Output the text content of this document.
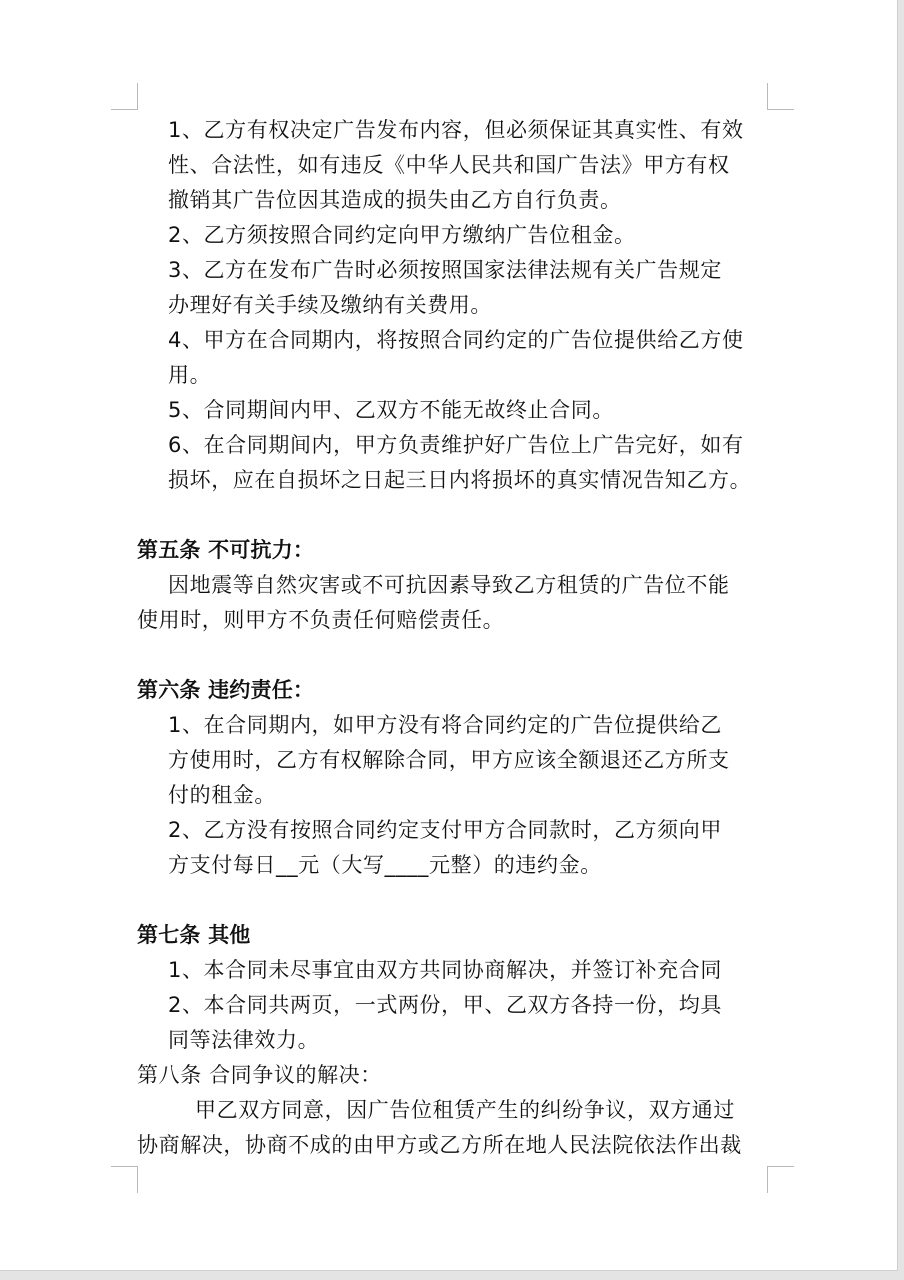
1、乙方有权决定广告发布内容，但必须保证其真实性、有效
性、合法性，如有违反《中华人民共和国广告法》甲方有权
撤销其广告位因其造成的损失由乙方自行负责。
2、乙方须按照合同约定向甲方缴纳广告位租金。
3、乙方在发布广告时必须按照国家法律法规有关广告规定
办理好有关手续及缴纳有关费用。
4、甲方在合同期内，将按照合同约定的广告位提供给乙方使
用。
5、合同期间内甲、乙双方不能无故终止合同。
6、在合同期间内，甲方负责维护好广告位上广告完好，如有
损坏，应在自损坏之日起三日内将损坏的真实情况告知乙方。
第五条 不可抗力：
因地震等自然灾害或不可抗因素导致乙方租赁的广告位不能
使用时，则甲方不负责任何赔偿责任。
第六条 违约责任：
1、在合同期内，如甲方没有将合同约定的广告位提供给乙
方使用时，乙方有权解除合同，甲方应该全额退还乙方所支
付的租金。
2、乙方没有按照合同约定支付甲方合同款时，乙方须向甲
方支付每日__元（大写____元整）的违约金。
第七条 其他
1、本合同未尽事宜由双方共同协商解决，并签订补充合同
2、本合同共两页，一式两份，甲、乙双方各持一份，均具
同等法律效力。
第八条 合同争议的解决：
甲乙双方同意，因广告位租赁产生的纠纷争议，双方通过
协商解决，协商不成的由甲方或乙方所在地人民法院依法作出裁
